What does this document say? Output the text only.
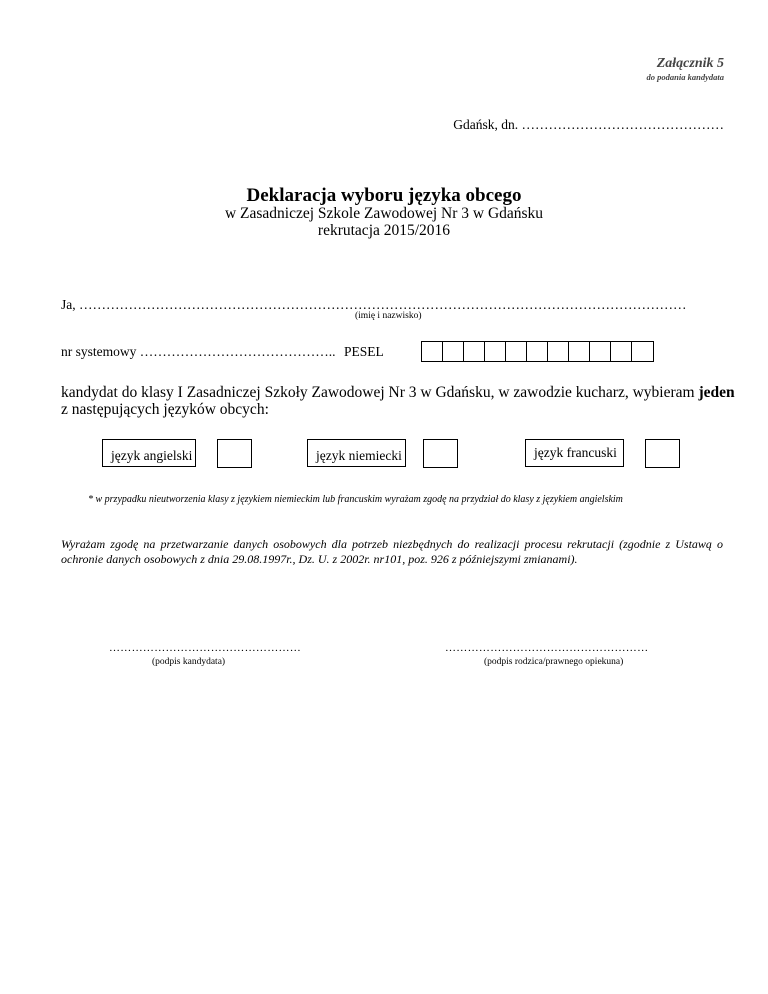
Załącznik 5
do podania kandydata
Gdańsk, dn. ………………………………………
Deklaracja wyboru języka obcego
w Zasadniczej Szkole Zawodowej Nr 3 w Gdańsku
rekrutacja 2015/2016
Ja, ………………………………………………………………………………………………………………………
(imię i nazwisko)
nr systemowy …………………………………….. PESEL
kandydat do klasy I Zasadniczej Szkoły Zawodowej Nr 3 w Gdańsku, w zawodzie kucharz, wybieram jeden
z następujących języków obcych:
język angielski	język niemiecki	język francuski
* w przypadku nieutworzenia klasy z językiem niemieckim lub francuskim wyrażam zgodę na przydział do klasy z językiem angielskim
Wyrażam zgodę na przetwarzanie danych osobowych dla potrzeb niezbędnych do realizacji procesu rekrutacji (zgodnie z Ustawą o ochronie danych osobowych z dnia 29.08.1997r., Dz. U. z 2002r. nr101, poz. 926 z późniejszymi zmianami).
……………………………………………
(podpis kandydata)
………………………………………………
(podpis rodzica/prawnego opiekuna)
